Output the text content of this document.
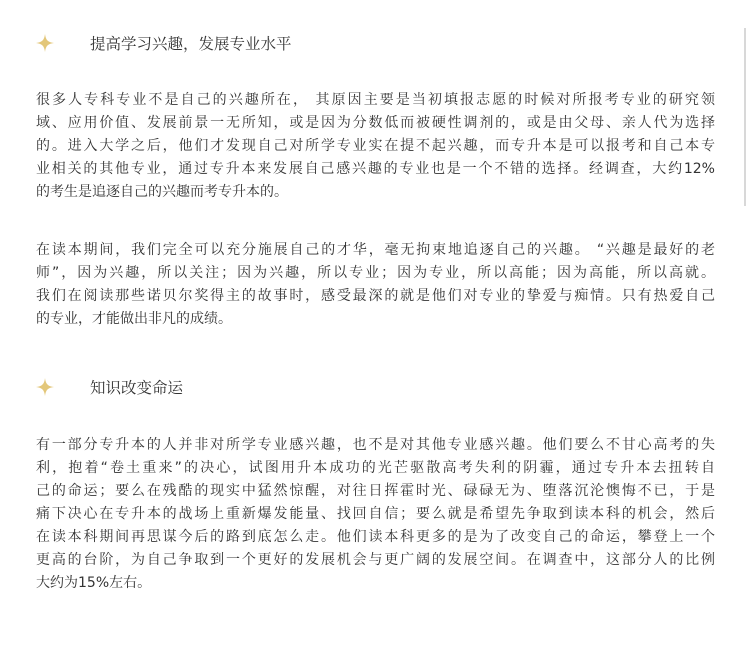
提高学习兴趣，发展专业水平
很多人专科专业不是自己的兴趣所在， 其原因主要是当初填报志愿的时候对所报考专业的研究领
域、应用价值、发展前景一无所知，或是因为分数低而被硬性调剂的，或是由父母、亲人代为选择
的。进入大学之后，他们才发现自己对所学专业实在提不起兴趣，而专升本是可以报考和自己本专
业相关的其他专业，通过专升本来发展自己感兴趣的专业也是一个不错的选择。经调查，大约12%
的考生是追逐自己的兴趣而考专升本的。
在读本期间，我们完全可以充分施展自己的才华，毫无拘束地追逐自己的兴趣。 “兴趣是最好的老
师”，因为兴趣，所以关注；因为兴趣，所以专业；因为专业，所以高能；因为高能，所以高就。
我们在阅读那些诺贝尔奖得主的故事时，感受最深的就是他们对专业的挚爱与痴情。只有热爱自己
的专业，才能做出非凡的成绩。
知识改变命运
有一部分专升本的人并非对所学专业感兴趣，也不是对其他专业感兴趣。他们要么不甘心高考的失
利，抱着“卷土重来”的决心，试图用升本成功的光芒驱散高考失利的阴霾，通过专升本去扭转自
己的命运；要么在残酷的现实中猛然惊醒，对往日挥霍时光、碌碌无为、堕落沉沦懊悔不已，于是
痛下决心在专升本的战场上重新爆发能量、找回自信；要么就是希望先争取到读本科的机会，然后
在读本科期间再思谋今后的路到底怎么走。他们读本科更多的是为了改变自己的命运，攀登上一个
更高的台阶，为自己争取到一个更好的发展机会与更广阔的发展空间。在调查中，这部分人的比例
大约为15%左右。
